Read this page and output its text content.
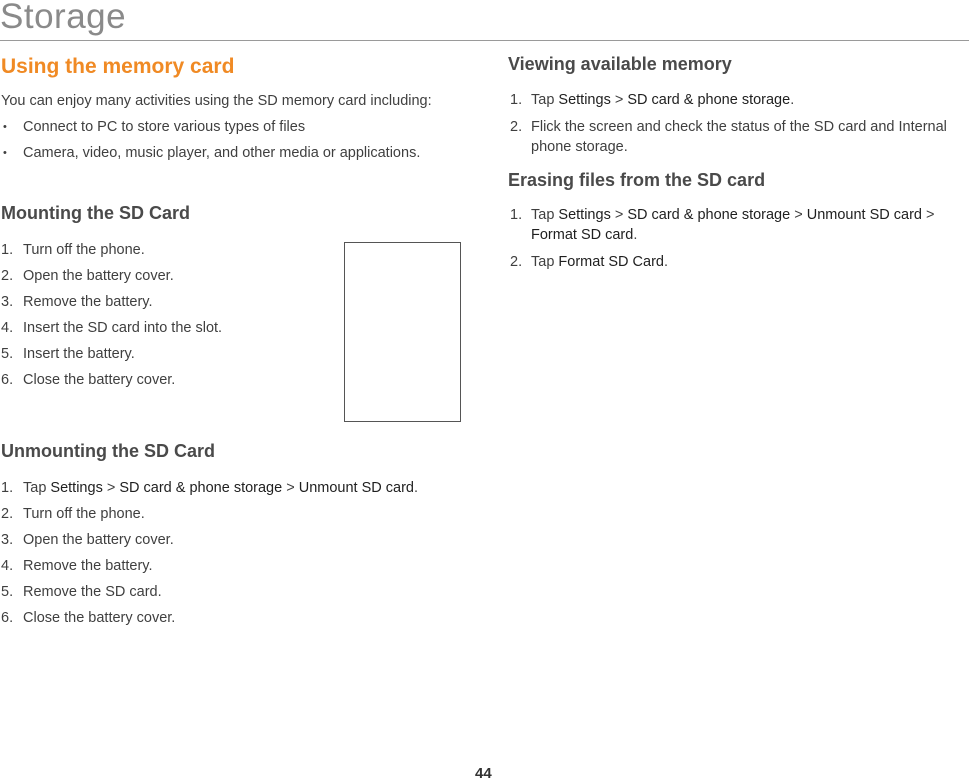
Storage
Using the memory card

You can enjoy many activities using the SD memory card including:

• Connect to PC to store various types of files
• Camera, video, music player, and other media or applications.
Mounting the SD Card
1. Turn off the phone.
2. Open the battery cover.
3. Remove the battery.
4. Insert the SD card into the slot.
5. Insert the battery.
6. Close the battery cover.
Unmounting the SD Card
1. Tap Settings > SD card & phone storage > Unmount SD card.
2. Turn off the phone.
3. Open the battery cover.
4. Remove the battery.
5. Remove the SD card.
6. Close the battery cover.
Viewing available memory
1. Tap Settings > SD card & phone storage.
2. Flick the screen and check the status of the SD card and Internal phone storage.
Erasing files from the SD card
1. Tap Settings > SD card & phone storage > Unmount SD card > Format SD card.
2. Tap Format SD Card.
44
